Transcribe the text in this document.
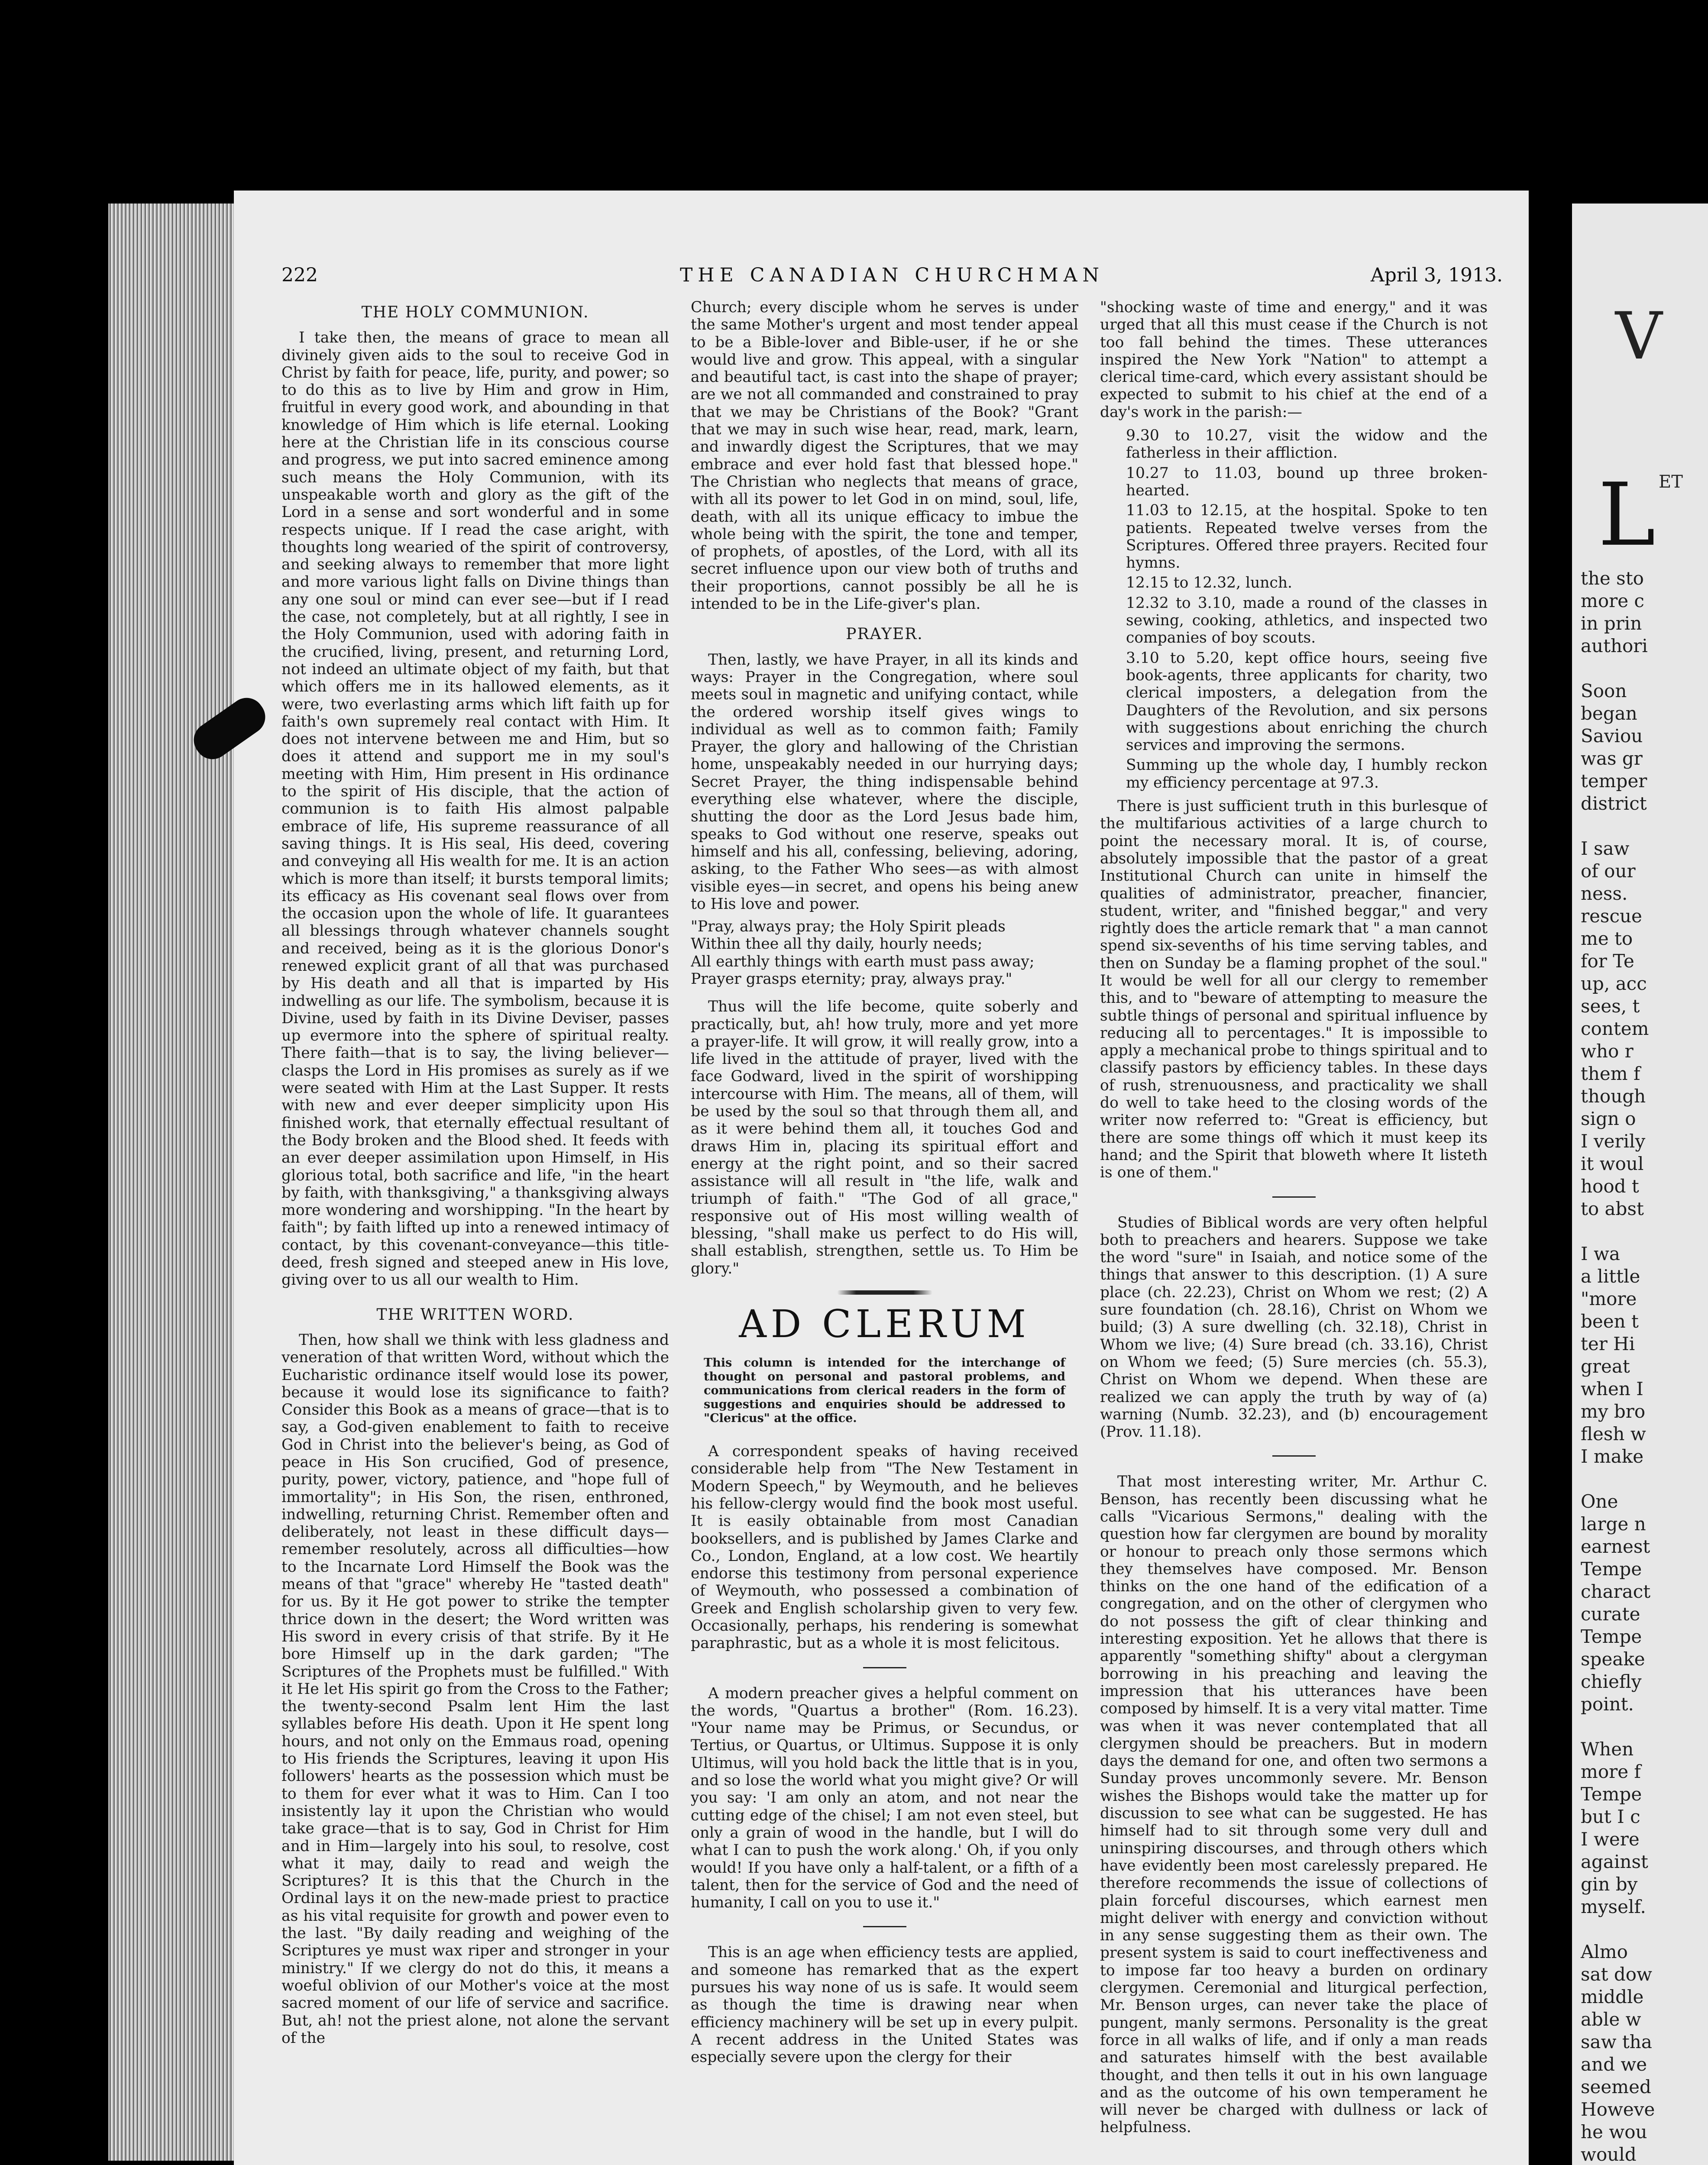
THE CANADIAN CHURCHMAN
222	April 3, 1913.
THE HOLY COMMUNION.

I take then, the means of grace to mean all divinely given aids to the soul to receive God in Christ by faith for peace, life, purity, and power; so to do this as to live by Him and grow in Him, fruitful in every good work, and abounding in that knowledge of Him which is life eternal. Looking here at the Christian life in its conscious course and progress, we put into sacred eminence among such means the Holy Communion, with its unspeakable worth and glory as the gift of the Lord in a sense and sort wonderful and in some respects unique. If I read the case aright, with thoughts long wearied of the spirit of controversy, and seeking always to remember that more light and more various light falls on Divine things than any one soul or mind can ever see—but if I read the case, not completely, but at all rightly, I see in the Holy Communion, used with adoring faith in the crucified, living, present, and returning Lord, not indeed an ultimate object of my faith, but that which offers me in its hallowed elements, as it were, two everlasting arms which lift faith up for faith's own supremely real contact with Him. It does not intervene between me and Him, but so does it attend and support me in my soul's meeting with Him, Him present in His ordinance to the spirit of His disciple, that the action of communion is to faith His almost palpable embrace of life, His supreme reassurance of all saving things. It is His seal, His deed, covering and conveying all His wealth for me. It is an action which is more than itself; it bursts temporal limits; its efficacy as His covenant seal flows over from the occasion upon the whole of life. It guarantees all blessings through whatever channels sought and received, being as it is the glorious Donor's renewed explicit grant of all that was purchased by His death and all that is imparted by His indwelling as our life. The symbolism, because it is Divine, used by faith in its Divine Deviser, passes up evermore into the sphere of spiritual realty. There faith—that is to say, the living believer—clasps the Lord in His promises as surely as if we were seated with Him at the Last Supper. It rests with new and ever deeper simplicity upon His finished work, that eternally effectual resultant of the Body broken and the Blood shed. It feeds with an ever deeper assimilation upon Himself, in His glorious total, both sacrifice and life, "in the heart by faith, with thanksgiving," a thanksgiving always more wondering and worshipping. "In the heart by faith"; by faith lifted up into a renewed intimacy of contact, by this covenant-conveyance—this title-deed, fresh signed and steeped anew in His love, giving over to us all our wealth to Him.

THE WRITTEN WORD.

Then, how shall we think with less gladness and veneration of that written Word, without which the Eucharistic ordinance itself would lose its power, because it would lose its significance to faith? Consider this Book as a means of grace—that is to say, a God-given enablement to faith to receive God in Christ into the believer's being, as God of peace in His Son crucified, God of presence, purity, power, victory, patience, and "hope full of immortality"; in His Son, the risen, enthroned, indwelling, returning Christ. Remember often and deliberately, not least in these difficult days—remember resolutely, across all difficulties—how to the Incarnate Lord Himself the Book was the means of that "grace" whereby He "tasted death" for us. By it He got power to strike the tempter thrice down in the desert; the Word written was His sword in every crisis of that strife. By it He bore Himself up in the dark garden; "The Scriptures of the Prophets must be fulfilled." With it He let His spirit go from the Cross to the Father; the twenty-second Psalm lent Him the last syllables before His death. Upon it He spent long hours, and not only on the Emmaus road, opening to His friends the Scriptures, leaving it upon His followers' hearts as the possession which must be to them for ever what it was to Him. Can I too insistently lay it upon the Christian who would take grace—that is to say, God in Christ for Him and in Him—largely into his soul, to resolve, cost what it may, daily to read and weigh the Scriptures? It is this that the Church in the Ordinal lays it on the new-made priest to practice as his vital requisite for growth and power even to the last. "By daily reading and weighing of the Scriptures ye must wax riper and stronger in your ministry." If we clergy do not do this, it means a woeful oblivion of our Mother's voice at the most sacred moment of our life of service and sacrifice. But, ah! not the priest alone, not alone the servant of the

Church; every disciple whom he serves is under the same Mother's urgent and most tender appeal to be a Bible-lover and Bible-user, if he or she would live and grow. This appeal, with a singular and beautiful tact, is cast into the shape of prayer; are we not all commanded and constrained to pray that we may be Christians of the Book? "Grant that we may in such wise hear, read, mark, learn, and inwardly digest the Scriptures, that we may embrace and ever hold fast that blessed hope." The Christian who neglects that means of grace, with all its power to let God in on mind, soul, life, death, with all its unique efficacy to imbue the whole being with the spirit, the tone and temper, of prophets, of apostles, of the Lord, with all its secret influence upon our view both of truths and their proportions, cannot possibly be all he is intended to be in the Life-giver's plan.

PRAYER.

Then, lastly, we have Prayer, in all its kinds and ways: Prayer in the Congregation, where soul meets soul in magnetic and unifying contact, while the ordered worship itself gives wings to individual as well as to common faith; Family Prayer, the glory and hallowing of the Christian home, unspeakably needed in our hurrying days; Secret Prayer, the thing indispensable behind everything else whatever, where the disciple, shutting the door as the Lord Jesus bade him, speaks to God without one reserve, speaks out himself and his all, confessing, believing, adoring, asking, to the Father Who sees—as with almost visible eyes—in secret, and opens his being anew to His love and power.

"Pray, always pray; the Holy Spirit pleads
Within thee all thy daily, hourly needs;
All earthly things with earth must pass away;
Prayer grasps eternity; pray, always pray."

Thus will the life become, quite soberly and practically, but, ah! how truly, more and yet more a prayer-life. It will grow, it will really grow, into a life lived in the attitude of prayer, lived with the face Godward, lived in the spirit of worshipping intercourse with Him. The means, all of them, will be used by the soul so that through them all, and as it were behind them all, it touches God and draws Him in, placing its spiritual effort and energy at the right point, and so their sacred assistance will all result in "the life, walk and triumph of faith." "The God of all grace," responsive out of His most willing wealth of blessing, "shall make us perfect to do His will, shall establish, strengthen, settle us. To Him be glory."

AD CLERUM
This column is intended for the interchange of thought on personal and pastoral problems, and communications from clerical readers in the form of suggestions and enquiries should be addressed to "Clericus" at the office.

A correspondent speaks of having received considerable help from "The New Testament in Modern Speech," by Weymouth, and he believes his fellow-clergy would find the book most useful. It is easily obtainable from most Canadian booksellers, and is published by James Clarke and Co., London, England, at a low cost. We heartily endorse this testimony from personal experience of Weymouth, who possessed a combination of Greek and English scholarship given to very few. Occasionally, perhaps, his rendering is somewhat paraphrastic, but as a whole it is most felicitous.

A modern preacher gives a helpful comment on the words, "Quartus a brother" (Rom. 16.23). "Your name may be Primus, or Secundus, or Tertius, or Quartus, or Ultimus. Suppose it is only Ultimus, will you hold back the little that is in you, and so lose the world what you might give? Or will you say: 'I am only an atom, and not near the cutting edge of the chisel; I am not even steel, but only a grain of wood in the handle, but I will do what I can to push the work along.' Oh, if you only would! If you have only a half-talent, or a fifth of a talent, then for the service of God and the need of humanity, I call on you to use it."

This is an age when efficiency tests are applied, and someone has remarked that as the expert pursues his way none of us is safe. It would seem as though the time is drawing near when efficiency machinery will be set up in every pulpit. A recent address in the United States was especially severe upon the clergy for their

"shocking waste of time and energy," and it was urged that all this must cease if the Church is not too fall behind the times. These utterances inspired the New York "Nation" to attempt a clerical time-card, which every assistant should be expected to submit to his chief at the end of a day's work in the parish:—

9.30 to 10.27, visit the widow and the fatherless in their affliction.

10.27 to 11.03, bound up three broken-hearted.

11.03 to 12.15, at the hospital. Spoke to ten patients. Repeated twelve verses from the Scriptures. Offered three prayers. Recited four hymns.

12.15 to 12.32, lunch.

12.32 to 3.10, made a round of the classes in sewing, cooking, athletics, and inspected two companies of boy scouts.

3.10 to 5.20, kept office hours, seeing five book-agents, three applicants for charity, two clerical imposters, a delegation from the Daughters of the Revolution, and six persons with suggestions about enriching the church services and improving the sermons.

Summing up the whole day, I humbly reckon my efficiency percentage at 97.3.

There is just sufficient truth in this burlesque of the multifarious activities of a large church to point the necessary moral. It is, of course, absolutely impossible that the pastor of a great Institutional Church can unite in himself the qualities of administrator, preacher, financier, student, writer, and "finished beggar," and very rightly does the article remark that " a man cannot spend six-sevenths of his time serving tables, and then on Sunday be a flaming prophet of the soul." It would be well for all our clergy to remember this, and to "beware of attempting to measure the subtle things of personal and spiritual influence by reducing all to percentages." It is impossible to apply a mechanical probe to things spiritual and to classify pastors by efficiency tables. In these days of rush, strenuousness, and practicality we shall do well to take heed to the closing words of the writer now referred to: "Great is efficiency, but there are some things off which it must keep its hand; and the Spirit that bloweth where It listeth is one of them."

Studies of Biblical words are very often helpful both to preachers and hearers. Suppose we take the word "sure" in Isaiah, and notice some of the things that answer to this description. (1) A sure place (ch. 22.23), Christ on Whom we rest; (2) A sure foundation (ch. 28.16), Christ on Whom we build; (3) A sure dwelling (ch. 32.18), Christ in Whom we live; (4) Sure bread (ch. 33.16), Christ on Whom we feed; (5) Sure mercies (ch. 55.3), Christ on Whom we depend. When these are realized we can apply the truth by way of (a) warning (Numb. 32.23), and (b) encouragement (Prov. 11.18).

That most interesting writer, Mr. Arthur C. Benson, has recently been discussing what he calls "Vicarious Sermons," dealing with the question how far clergymen are bound by morality or honour to preach only those sermons which they themselves have composed. Mr. Benson thinks on the one hand of the edification of a congregation, and on the other of clergymen who do not possess the gift of clear thinking and interesting exposition. Yet he allows that there is apparently "something shifty" about a clergyman borrowing in his preaching and leaving the impression that his utterances have been composed by himself. It is a very vital matter. Time was when it was never contemplated that all clergymen should be preachers. But in modern days the demand for one, and often two sermons a Sunday proves uncommonly severe. Mr. Benson wishes the Bishops would take the matter up for discussion to see what can be suggested. He has himself had to sit through some very dull and uninspiring discourses, and through others which have evidently been most carelessly prepared. He therefore recommends the issue of collections of plain forceful discourses, which earnest men might deliver with energy and conviction without in any sense suggesting them as their own. The present system is said to court ineffectiveness and to impose far too heavy a burden on ordinary clergymen. Ceremonial and liturgical perfection, Mr. Benson urges, can never take the place of pungent, manly sermons. Personality is the great force in all walks of life, and if only a man reads and saturates himself with the best available thought, and then tells it out in his own language and as the outcome of his own temperament he will never be charged with dullness or lack of helpfulness.

V
L ET
the sto
more c
in prin
authori

Soon
began
Saviou
was gr
temper
district

I saw
of our
ness.
rescue
me to
for Te
up, acc
sees, t
contem
who r
them f
though
sign o
I verily
it woul
hood t
to abst

I wa
a little
"more
been t
ter Hi
great
when I
my bro
flesh w
I make

One
large n
earnest
Tempe
charact
curate
Tempe
speake
chiefly
point.

When
more f
Tempe
but I c
I were
against
gin by
myself.

Almo
sat dow
middle
able w
saw tha
and we
seemed
Howeve
he wou
would
